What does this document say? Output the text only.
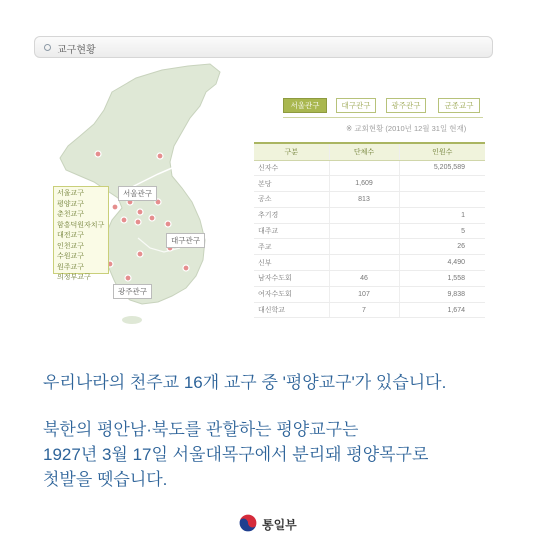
교구현황
서울교구
평양교구
춘천교구
함흥덕원자치구
대전교구
인천교구
수원교구
원주교구
의정부교구
서울관구
대구관구
광주관구
서울관구	대구관구	광주관구	군종교구
※ 교회현황 (2010년 12월 31일 현재)
구분	단체수	인원수
신자수		5,205,589
본당	1,609	
공소	813	
추기경		1
대주교		5
주교		26
신부		4,490
남자수도회	46	1,558
여자수도회	107	9,838
대신학교	7	1,674
우리나라의 천주교 16개 교구 중 '평양교구'가 있습니다.
북한의 평안남·북도를 관할하는 평양교구는
1927년 3월 17일 서울대목구에서 분리돼 평양목구로
첫발을 뗏습니다.
통일부
